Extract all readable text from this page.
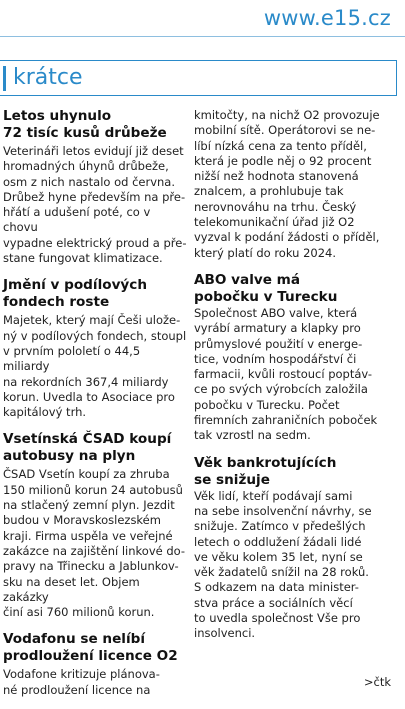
www.e15.cz
krátce
Letos uhynulo
72 tisíc kusů drůbeže

Veterináři letos evidují již deset
hromadných úhynů drůbeže,
osm z nich nastalo od června.
Drůbež hyne především na pře-
hřátí a udušení poté, co v chovu
vypadne elektrický proud a pře-
stane fungovat klimatizace.

Jmění v podílových
fondech roste

Majetek, který mají Češi ulože-
ný v podílových fondech, stoupl
v prvním pololetí o 44,5 miliardy
na rekordních 367,4 miliardy
korun. Uvedla to Asociace pro
kapitálový trh.

Vsetínská ČSAD koupí
autobusy na plyn

ČSAD Vsetín koupí za zhruba
150 milionů korun 24 autobusů
na stlačený zemní plyn. Jezdit
budou v Moravskoslezském
kraji. Firma uspěla ve veřejné
zakázce na zajištění linkové do-
pravy na Třinecku a Jablunkov-
sku na deset let. Objem zakázky
činí asi 760 milionů korun.

Vodafonu se nelíbí
prodloužení licence O2

Vodafone kritizuje plánova-
né prodloužení licence na

kmitočty, na nichž O2 provozuje
mobilní sítě. Operátorovi se ne-
líbí nízká cena za tento příděl,
která je podle něj o 92 procent
nižší než hodnota stanovená
znalcem, a prohlubuje tak
nerovnováhu na trhu. Český
telekomunikační úřad již O2
vyzval k podání žádosti o příděl,
který platí do roku 2024.

ABO valve má
pobočku v Turecku

Společnost ABO valve, která
vyrábí armatury a klapky pro
průmyslové použití v energe-
tice, vodním hospodářství či
farmacii, kvůli rostoucí poptáv-
ce po svých výrobcích založila
pobočku v Turecku. Počet
firemních zahraničních poboček
tak vzrostl na sedm.

Věk bankrotujících
se snižuje

Věk lidí, kteří podávají sami
na sebe insolvenční návrhy, se
snižuje. Zatímco v předešlých
letech o oddlužení žádali lidé
ve věku kolem 35 let, nyní se
věk žadatelů snížil na 28 roků.
S odkazem na data minister-
stva práce a sociálních věcí
to uvedla společnost Vše pro
insolvenci.

>čtk
